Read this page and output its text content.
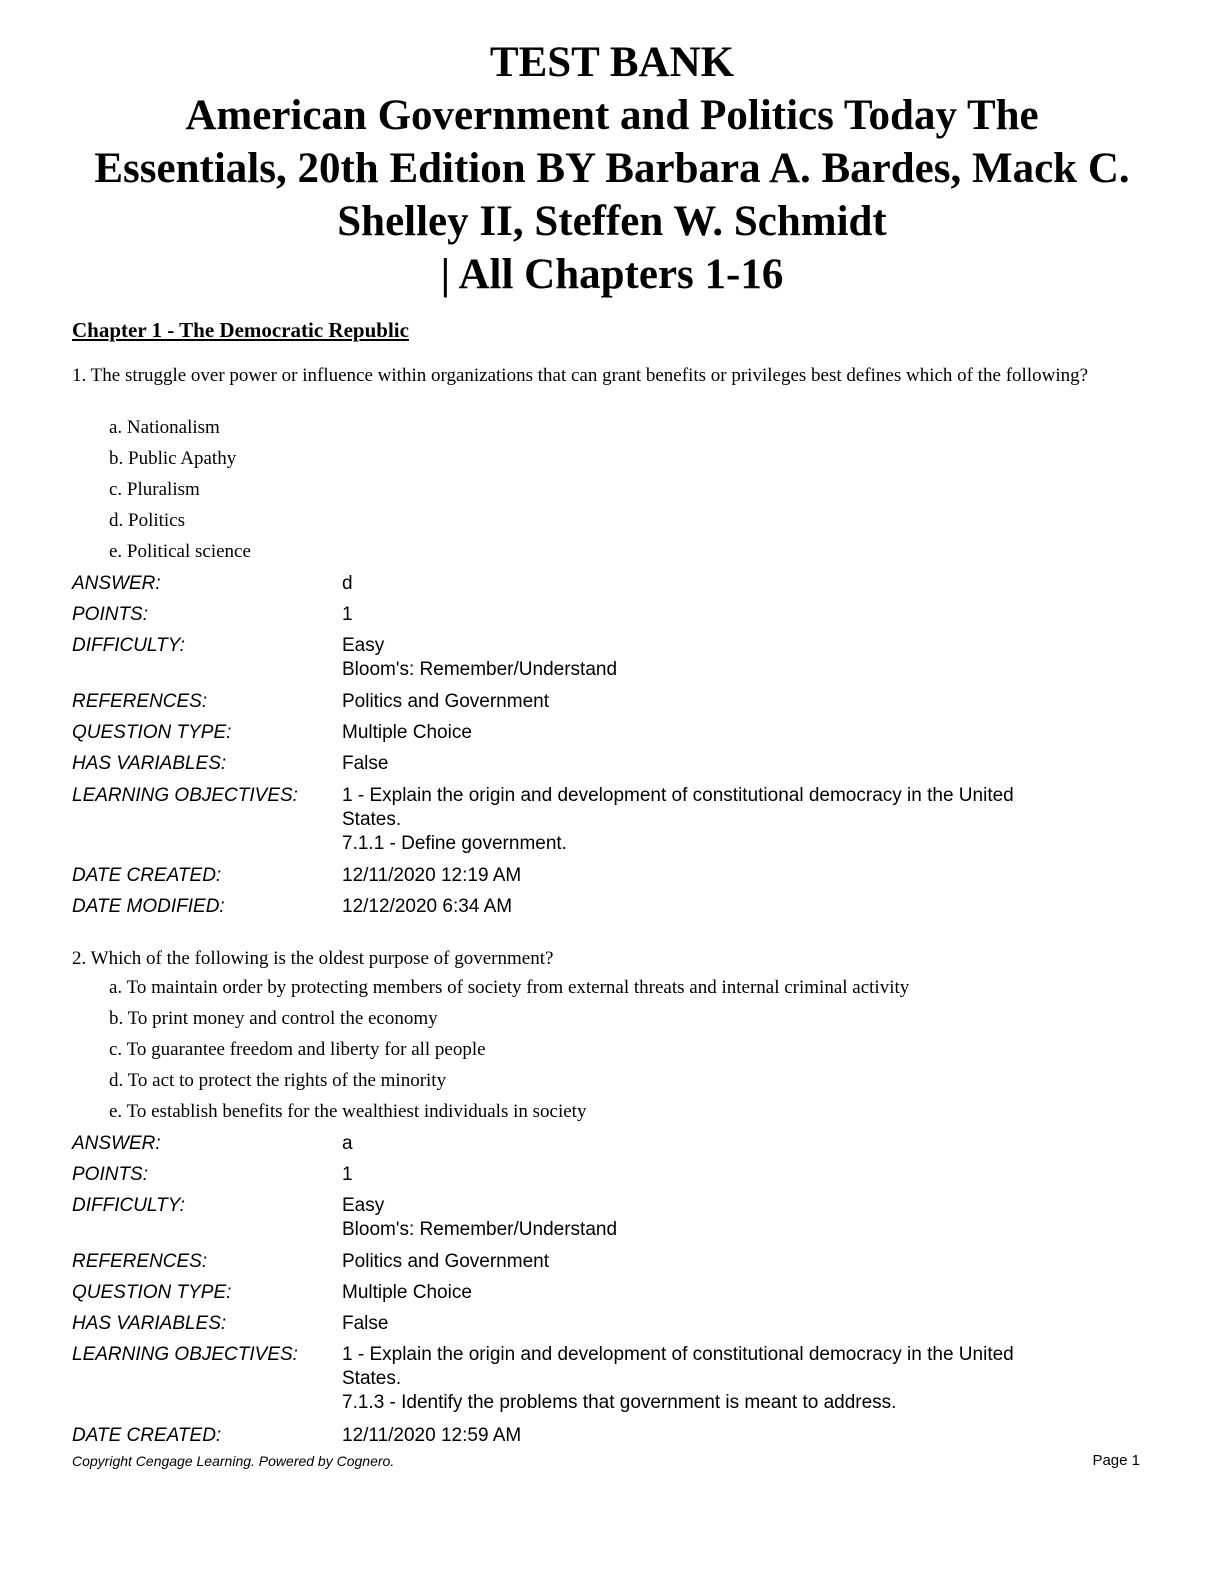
TEST BANK
American Government and Politics Today The
Essentials, 20th Edition BY Barbara A. Bardes, Mack C.
Shelley II, Steffen W. Schmidt
| All Chapters 1-16
Chapter 1 - The Democratic Republic
1. The struggle over power or influence within organizations that can grant benefits or privileges best defines which of the following?
a. Nationalism
b. Public Apathy
c. Pluralism
d. Politics
e. Political science
ANSWER:	d
POINTS:	1
DIFFICULTY:	Easy
Bloom's: Remember/Understand
REFERENCES:	Politics and Government
QUESTION TYPE:	Multiple Choice
HAS VARIABLES:	False
LEARNING OBJECTIVES: 1 - Explain the origin and development of constitutional democracy in the United
States.
7.1.1 - Define government.
DATE CREATED:	12/11/2020 12:19 AM
DATE MODIFIED:	12/12/2020 6:34 AM
2. Which of the following is the oldest purpose of government?
a. To maintain order by protecting members of society from external threats and internal criminal activity
b. To print money and control the economy
c. To guarantee freedom and liberty for all people
d. To act to protect the rights of the minority
e. To establish benefits for the wealthiest individuals in society
ANSWER:	a
POINTS:	1
DIFFICULTY:	Easy
Bloom's: Remember/Understand
REFERENCES:	Politics and Government
QUESTION TYPE:	Multiple Choice
HAS VARIABLES:	False
LEARNING OBJECTIVES: 1 - Explain the origin and development of constitutional democracy in the United
States.
7.1.3 - Identify the problems that government is meant to address.
DATE CREATED:	12/11/2020 12:59 AM
Copyright Cengage Learning. Powered by Cognero.	Page 1
